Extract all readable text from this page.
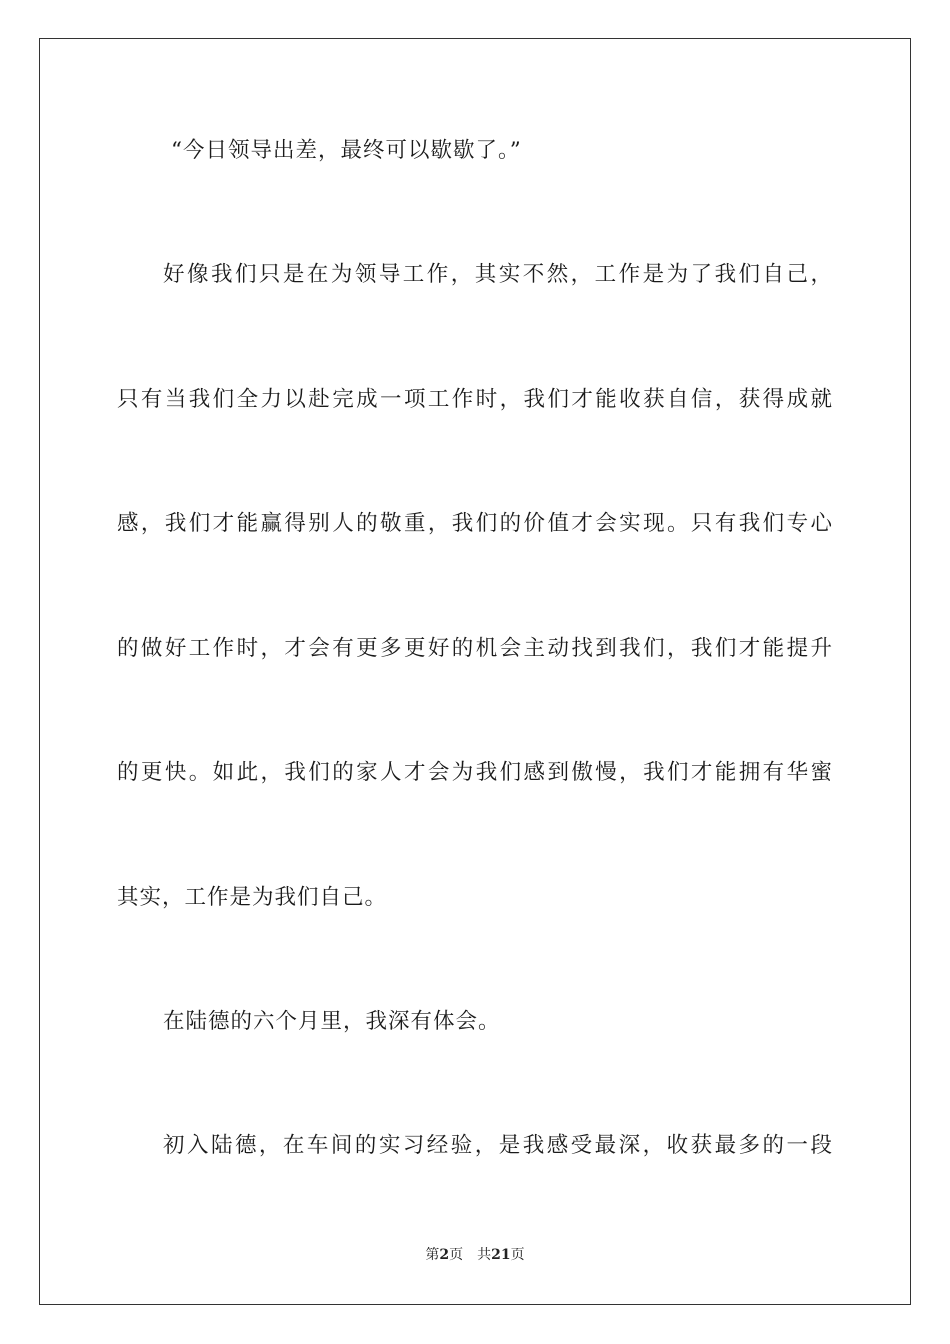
“今日领导出差，最终可以歇歇了。”
好像我们只是在为领导工作，其实不然，工作是为了我们自己，
只有当我们全力以赴完成一项工作时，我们才能收获自信，获得成就
感，我们才能赢得别人的敬重，我们的价值才会实现。只有我们专心
的做好工作时，才会有更多更好的机会主动找到我们，我们才能提升
的更快。如此，我们的家人才会为我们感到傲慢，我们才能拥有华蜜
其实，工作是为我们自己。
在陆德的六个月里，我深有体会。
初入陆德，在车间的实习经验，是我感受最深，收获最多的一段
第2页 共21页
